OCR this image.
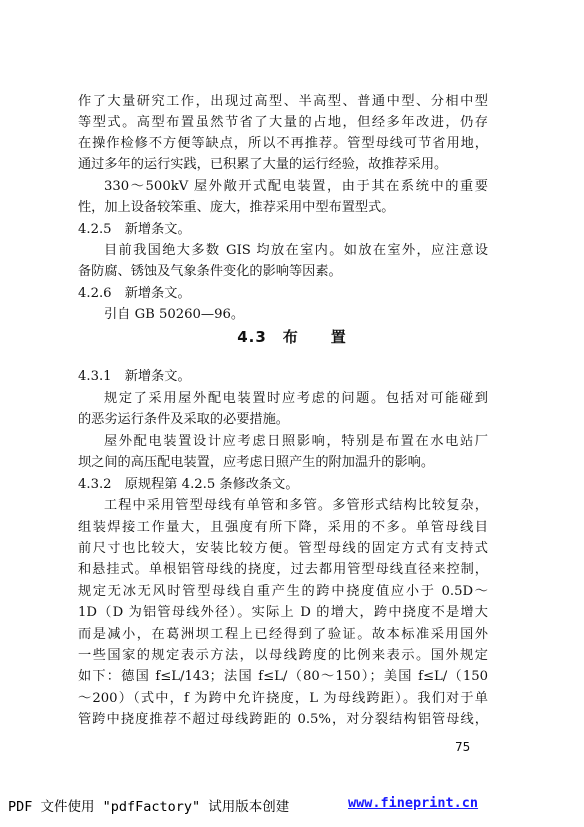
作了大量研究工作，出现过高型、半高型、普通中型、分相中型
等型式。高型布置虽然节省了大量的占地，但经多年改进，仍存
在操作检修不方便等缺点，所以不再推荐。管型母线可节省用地，
通过多年的运行实践，已积累了大量的运行经验，故推荐采用。
330～500kV 屋外敞开式配电装置，由于其在系统中的重要
性，加上设备较笨重、庞大，推荐采用中型布置型式。
4.2.5　新增条文。
目前我国绝大多数 GIS 均放在室内。如放在室外，应注意设
备防腐、锈蚀及气象条件变化的影响等因素。
4.2.6　新增条文。
引自 GB 50260—96。
4.3　布　　置
4.3.1　新增条文。
规定了采用屋外配电装置时应考虑的问题。包括对可能碰到
的恶劣运行条件及采取的必要措施。
屋外配电装置设计应考虑日照影响，特别是布置在水电站厂
坝之间的高压配电装置，应考虑日照产生的附加温升的影响。
4.3.2　原规程第 4.2.5 条修改条文。
工程中采用管型母线有单管和多管。多管形式结构比较复杂，
组装焊接工作量大，且强度有所下降，采用的不多。单管母线目
前尺寸也比较大，安装比较方便。管型母线的固定方式有支持式
和悬挂式。单根铝管母线的挠度，过去都用管型母线直径来控制，
规定无冰无风时管型母线自重产生的跨中挠度值应小于 0.5D～
1D（D 为铝管母线外径）。实际上 D 的增大，跨中挠度不是增大
而是减小，在葛洲坝工程上已经得到了验证。故本标准采用国外
一些国家的规定表示方法，以母线跨度的比例来表示。国外规定
如下：德国 f≤L/143；法国 f≤L/（80～150）；美国 f≤L/（150
～200）（式中，f 为跨中允许挠度，L 为母线跨距）。我们对于单
管跨中挠度推荐不超过母线跨距的 0.5%，对分裂结构铝管母线，
75
PDF 文件使用 "pdfFactory" 试用版本创建	www.fineprint.cn
